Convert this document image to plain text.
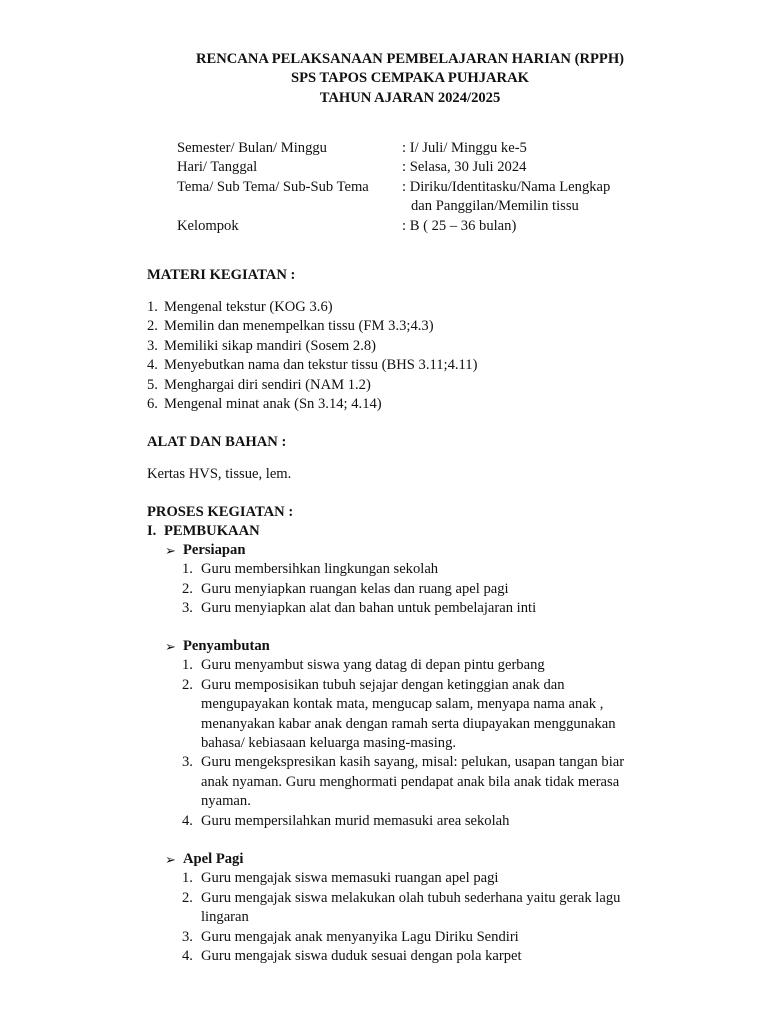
RENCANA PELAKSANAAN PEMBELAJARAN HARIAN (RPPH)
SPS TAPOS CEMPAKA PUHJARAK
TAHUN AJARAN 2024/2025
Semester/ Bulan/ Minggu	: I/ Juli/ Minggu ke-5
Hari/ Tanggal	: Selasa, 30 Juli 2024
Tema/ Sub Tema/ Sub-Sub Tema	: Diriku/Identitasku/Nama Lengkap
dan Panggilan/Memilin tissu
Kelompok	: B ( 25 – 36 bulan)
MATERI KEGIATAN :
1. Mengenal tekstur (KOG 3.6)
2. Memilin dan menempelkan tissu (FM 3.3;4.3)
3. Memiliki sikap mandiri (Sosem 2.8)
4. Menyebutkan nama dan tekstur tissu (BHS 3.11;4.11)
5. Menghargai diri sendiri (NAM 1.2)
6. Mengenal minat anak (Sn 3.14; 4.14)
ALAT DAN BAHAN :
Kertas HVS, tissue, lem.
PROSES KEGIATAN :
I. PEMBUKAAN
➢ Persiapan
1. Guru membersihkan lingkungan sekolah
2. Guru menyiapkan ruangan kelas dan ruang apel pagi
3. Guru menyiapkan alat dan bahan untuk pembelajaran inti
➢ Penyambutan
1. Guru menyambut siswa yang datag di depan pintu gerbang
2. Guru memposisikan tubuh sejajar dengan ketinggian anak dan
mengupayakan kontak mata, mengucap salam, menyapa nama anak ,
menanyakan kabar anak dengan ramah serta diupayakan menggunakan
bahasa/ kebiasaan keluarga masing-masing.
3. Guru mengekspresikan kasih sayang, misal: pelukan, usapan tangan biar
anak nyaman. Guru menghormati pendapat anak bila anak tidak merasa
nyaman.
4. Guru mempersilahkan murid memasuki area sekolah
➢ Apel Pagi
1. Guru mengajak siswa memasuki ruangan apel pagi
2. Guru mengajak siswa melakukan olah tubuh sederhana yaitu gerak lagu
lingaran
3. Guru mengajak anak menyanyika Lagu Diriku Sendiri
4. Guru mengajak siswa duduk sesuai dengan pola karpet
